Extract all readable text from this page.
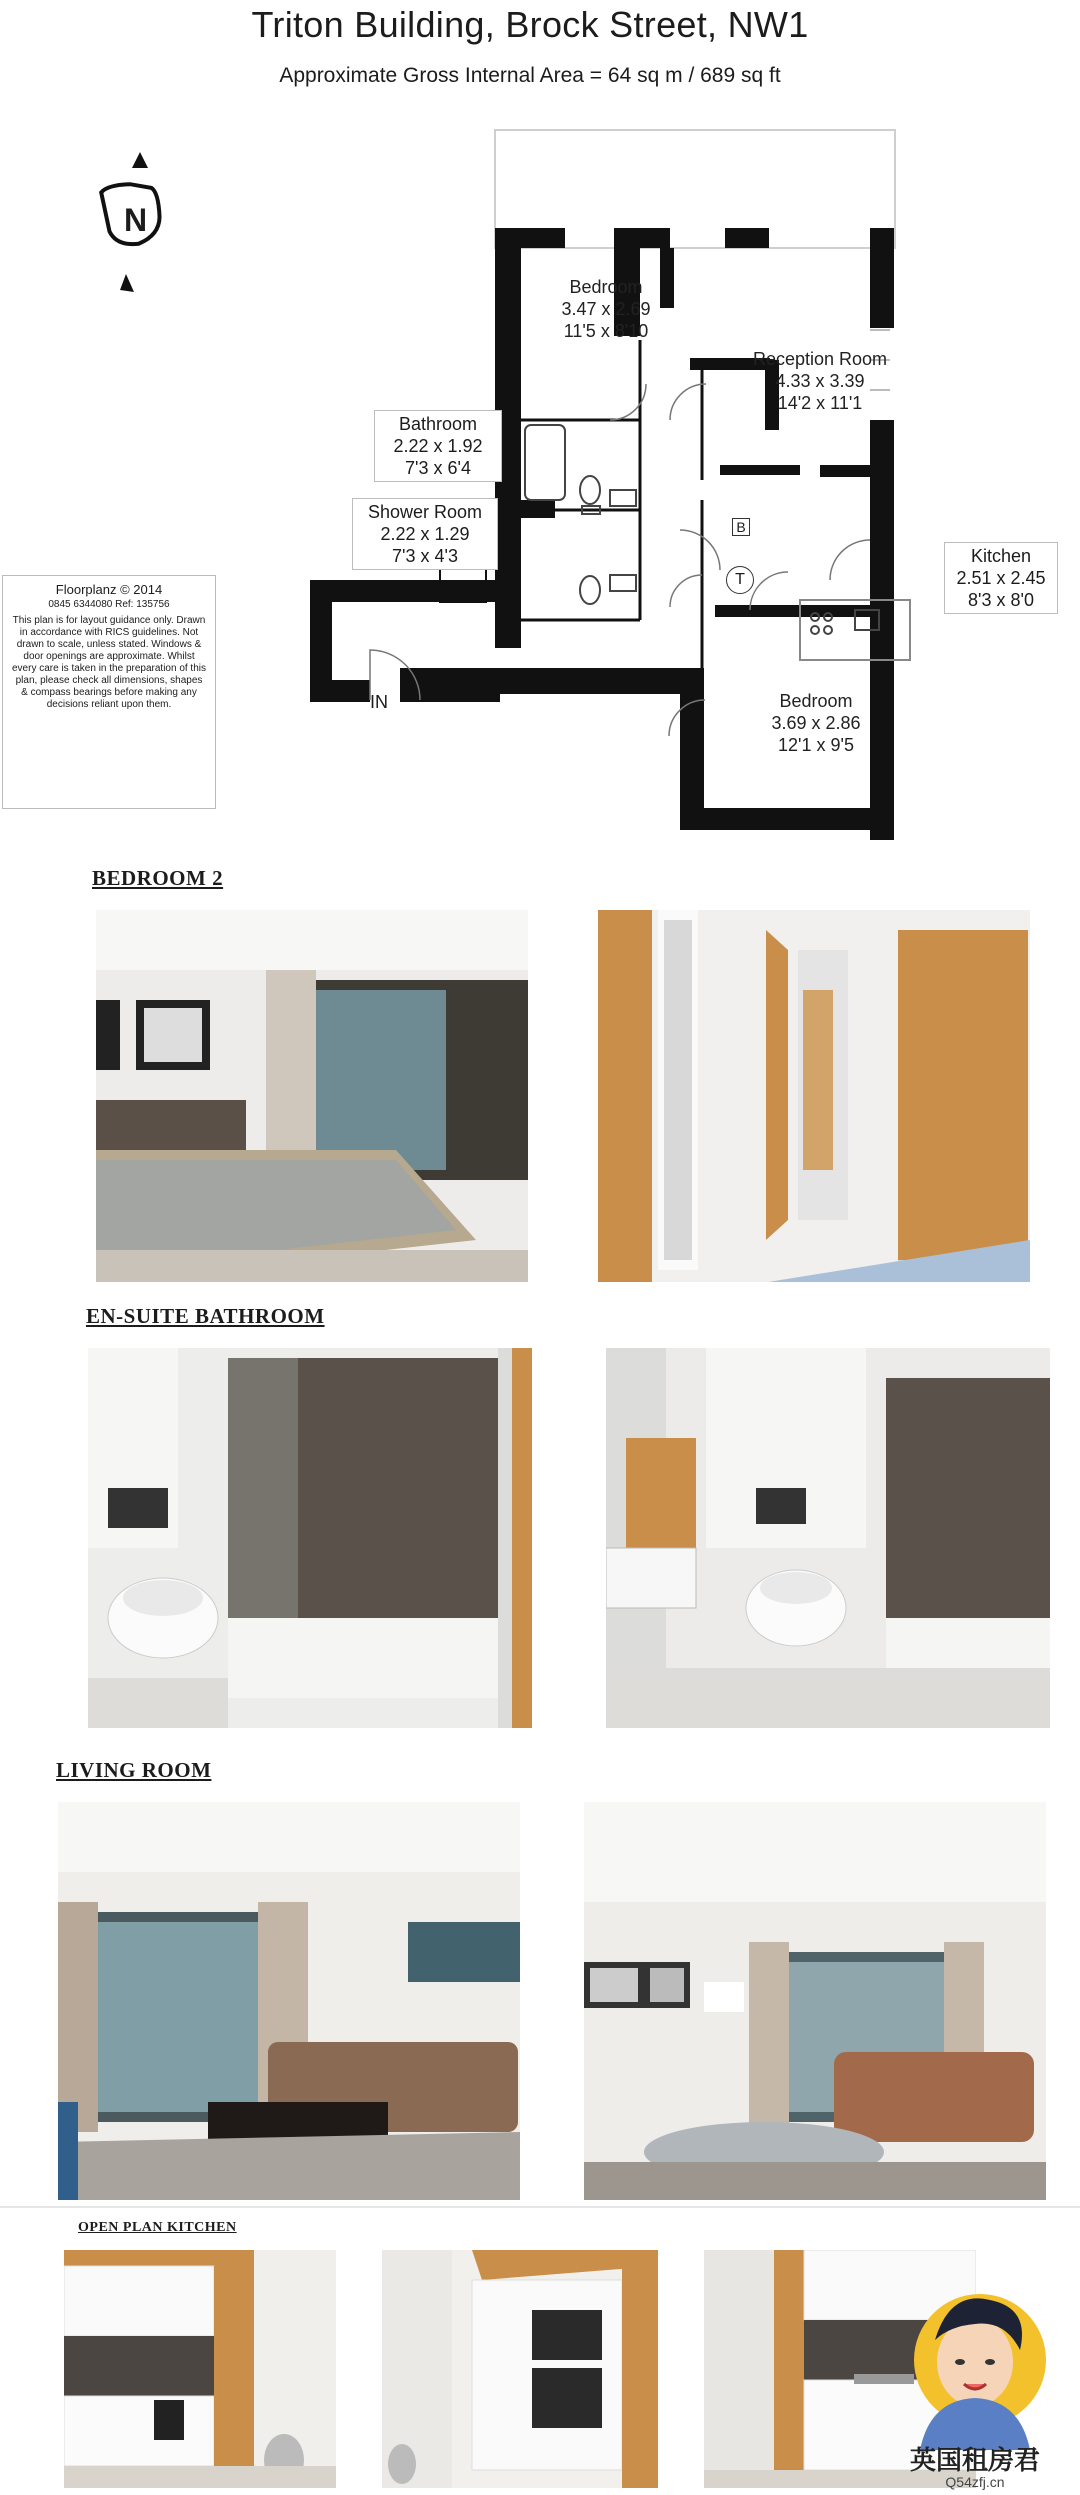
Triton Building, Brock Street, NW1
Approximate Gross Internal Area = 64 sq m / 689 sq ft
N
B
T
IN
Bedroom
3.47 x 2.69
11'5 x 8'10
Reception Room
4.33 x 3.39
14'2 x 11'1
Bathroom
2.22 x 1.92
7'3 x 6'4
Shower Room
2.22 x 1.29
7'3 x 4'3	Kitchen
2.51 x 2.45
8'3 x 8'0
Bedroom
3.69 x 2.86
12'1 x 9'5
Floorplanz © 2014
0845 6344080 Ref: 135756
This plan is for layout guidance only. Drawn in accordance with RICS guidelines. Not drawn to scale, unless stated. Windows & door openings are approximate. Whilst every care is taken in the preparation of this plan, please check all dimensions, shapes & compass bearings before making any decisions reliant upon them.
BEDROOM 2
EN-SUITE BATHROOM
LIVING ROOM
OPEN PLAN KITCHEN
英国租房君
Q54zfj.cn
